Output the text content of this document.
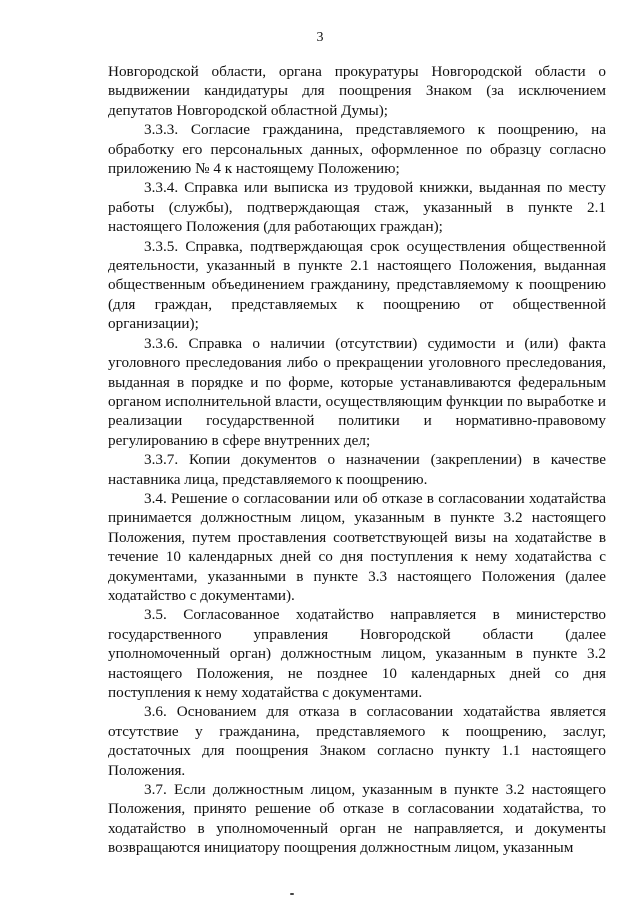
3

Новгородской области, органа прокуратуры Новгородской области о выдвижении кандидатуры для поощрения Знаком (за исключением депутатов Новгородской областной Думы);

3.3.3. Согласие гражданина, представляемого к поощрению, на обработку его персональных данных, оформленное по образцу согласно приложению № 4 к настоящему Положению;

3.3.4. Справка или выписка из трудовой книжки, выданная по месту работы (службы), подтверждающая стаж, указанный в пункте 2.1 настоящего Положения (для работающих граждан);

3.3.5. Справка, подтверждающая срок осуществления общественной деятельности, указанный в пункте 2.1 настоящего Положения, выданная общественным объединением гражданину, представляемому к поощрению (для граждан, представляемых к поощрению от общественной организации);

3.3.6. Справка о наличии (отсутствии) судимости и (или) факта уголовного преследования либо о прекращении уголовного преследования, выданная в порядке и по форме, которые устанавливаются федеральным органом исполнительной власти, осуществляющим функции по выработке и реализации государственной политики и нормативно-правовому регулированию в сфере внутренних дел;

3.3.7. Копии документов о назначении (закреплении) в качестве наставника лица, представляемого к поощрению.

3.4. Решение о согласовании или об отказе в согласовании ходатайства принимается должностным лицом, указанным в пункте 3.2 настоящего Положения, путем проставления соответствующей визы на ходатайстве в течение 10 календарных дней со дня поступления к нему ходатайства с документами, указанными в пункте 3.3 настоящего Положения (далее ходатайство с документами).

3.5. Согласованное ходатайство направляется в министерство государственного управления Новгородской области (далее уполномоченный орган) должностным лицом, указанным в пункте 3.2 настоящего Положения, не позднее 10 календарных дней со дня поступления к нему ходатайства с документами.

3.6. Основанием для отказа в согласовании ходатайства является отсутствие у гражданина, представляемого к поощрению, заслуг, достаточных для поощрения Знаком согласно пункту 1.1 настоящего Положения.

3.7. Если должностным лицом, указанным в пункте 3.2 настоящего Положения, принято решение об отказе в согласовании ходатайства, то ходатайство в уполномоченный орган не направляется, и документы возвращаются инициатору поощрения должностным лицом, указанным
